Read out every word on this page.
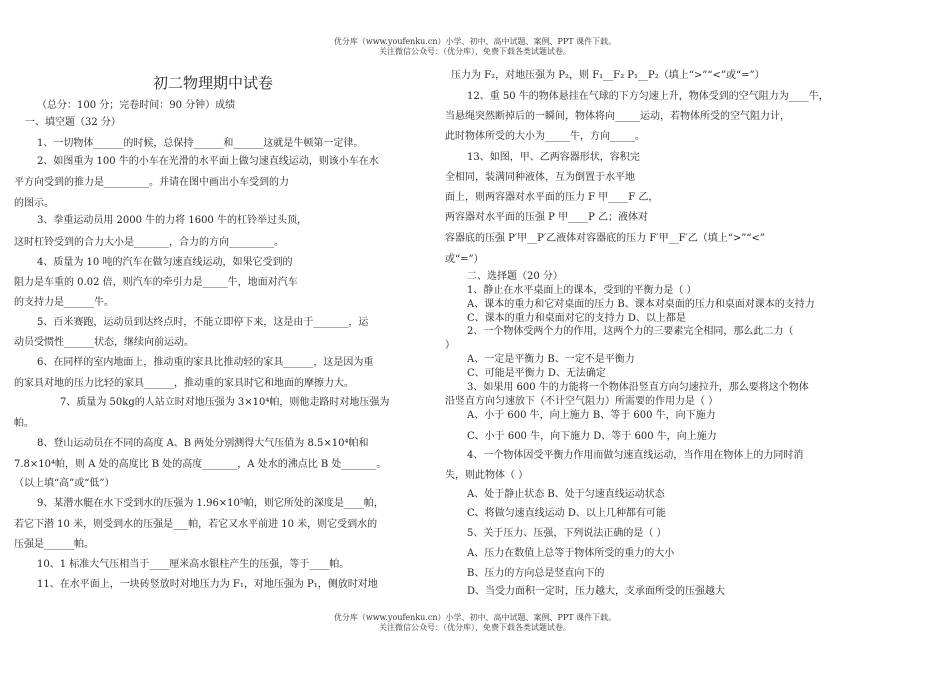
优分库（www.youfenku.cn）小学、初中、高中试题、案例、PPT 课件下载。
关注微信公众号：（优分库），免费下载各类试题试卷。
初二物理期中试卷
（总分：100 分；完卷时间：90 分钟）成绩
一、填空题（32 分）
1、一切物体______的时候，总保持______和______这就是牛顿第一定律。
2、如图重为 100 牛的小车在光滑的水平面上做匀速直线运动，则该小车在水
平方向受到的推力是_________。并请在图中画出小车受到的力
的图示。
3、拳重运动员用 2000 牛的力将 1600 牛的杠铃举过头顶，
这时杠铃受到的合力大小是_______，合力的方向_________。
4、质量为 10 吨的汽车在做匀速直线运动，如果它受到的
阻力是车重的 0.02 倍，则汽车的牵引力是_____牛，地面对汽车
的支持力是______牛。
5、百米赛跑，运动员到达终点时，不能立即停下来，这是由于_______，运
动员受惯性______状态，继续向前运动。
6、在同样的室内地面上，推动重的家具比推动轻的家具______，这是因为重
的家具对地的压力比轻的家具______，推动重的家具时它和地面的摩擦力大。
7、质量为 50kg的人站立时对地压强为 3×10⁴帕，则他走路时对地压强为
帕。
8、登山运动员在不同的高度 A、B 两处分别测得大气压值为 8.5×10⁴帕和
7.8×10⁴帕，则 A 处的高度比 B 处的高度_______，A 处水的沸点比 B 处_______。
（以上填“高”或“低”）
9、某潜水艇在水下受到水的压强为 1.96×10⁵帕，则它所处的深度是____帕，
若它下潜 10 米，则受到水的压强是___帕，若它又水平前进 10 米，则它受到水的
压强是______帕。
10、1 标准大气压相当于____厘米高水银柱产生的压强，等于____帕。
11、在水平面上，一块砖竖放时对地压力为 F₁，对地压强为 P₁，侧放时对地
压力为 F₂，对地压强为 P₂，则 F₁__F₂ P₁__P₂（填上“>”“<”或“=”）
12、重 50 牛的物体悬挂在气球的下方匀速上升，物体受到的空气阻力为____牛，
当悬绳突然断掉后的一瞬间，物体将向_____运动，若物体所受的空气阻力计，
此时物体所受的大小为_____牛，方向_____。
13、如图，甲、乙两容器形状，容积完
全相同，装满同种液体，互为倒置于水平地
面上，则两容器对水平面的压力 F 甲____F 乙，
两容器对水平面的压强 P 甲____P 乙；液体对
容器底的压强 P′甲__P′乙液体对容器底的压力 F′甲__F′乙（填上“>”“<”
或“=”）
二、选择题（20 分）
1、静止在水平桌面上的课本，受到的平衡力是（ ）
A、课本的重力和它对桌面的压力 B、课本对桌面的压力和桌面对课本的支持力
C、课本的重力和桌面对它的支持力 D、以上都是
2、一个物体受两个力的作用，这两个力的三要素完全相同，那么此二力（
）
A、一定是平衡力 B、一定不是平衡力
C、可能是平衡力 D、无法确定
3、如果用 600 牛的力能将一个物体沿竖直方向匀速拉升，那么要将这个物体
沿竖直方向匀速放下（不计空气阻力）所需要的作用力是（ ）
A、小于 600 牛，向上施力 B、等于 600 牛，向下施力
C、小于 600 牛，向下施力 D、等于 600 牛，向上施力
4、一个物体因受平衡力作用而做匀速直线运动，当作用在物体上的力同时消
失，则此物体（ ）
A、处于静止状态 B、处于匀速直线运动状态
C、将做匀速直线运动 D、以上几种都有可能
5、关于压力、压强，下列说法正确的是（ ）
A、压力在数值上总等于物体所受的重力的大小
B、压力的方向总是竖直向下的
D、当受力面积一定时，压力越大，支承面所受的压强越大
优分库（www.youfenku.cn）小学、初中、高中试题、案例、PPT 课件下载。
关注微信公众号：（优分库），免费下载各类试题试卷。
